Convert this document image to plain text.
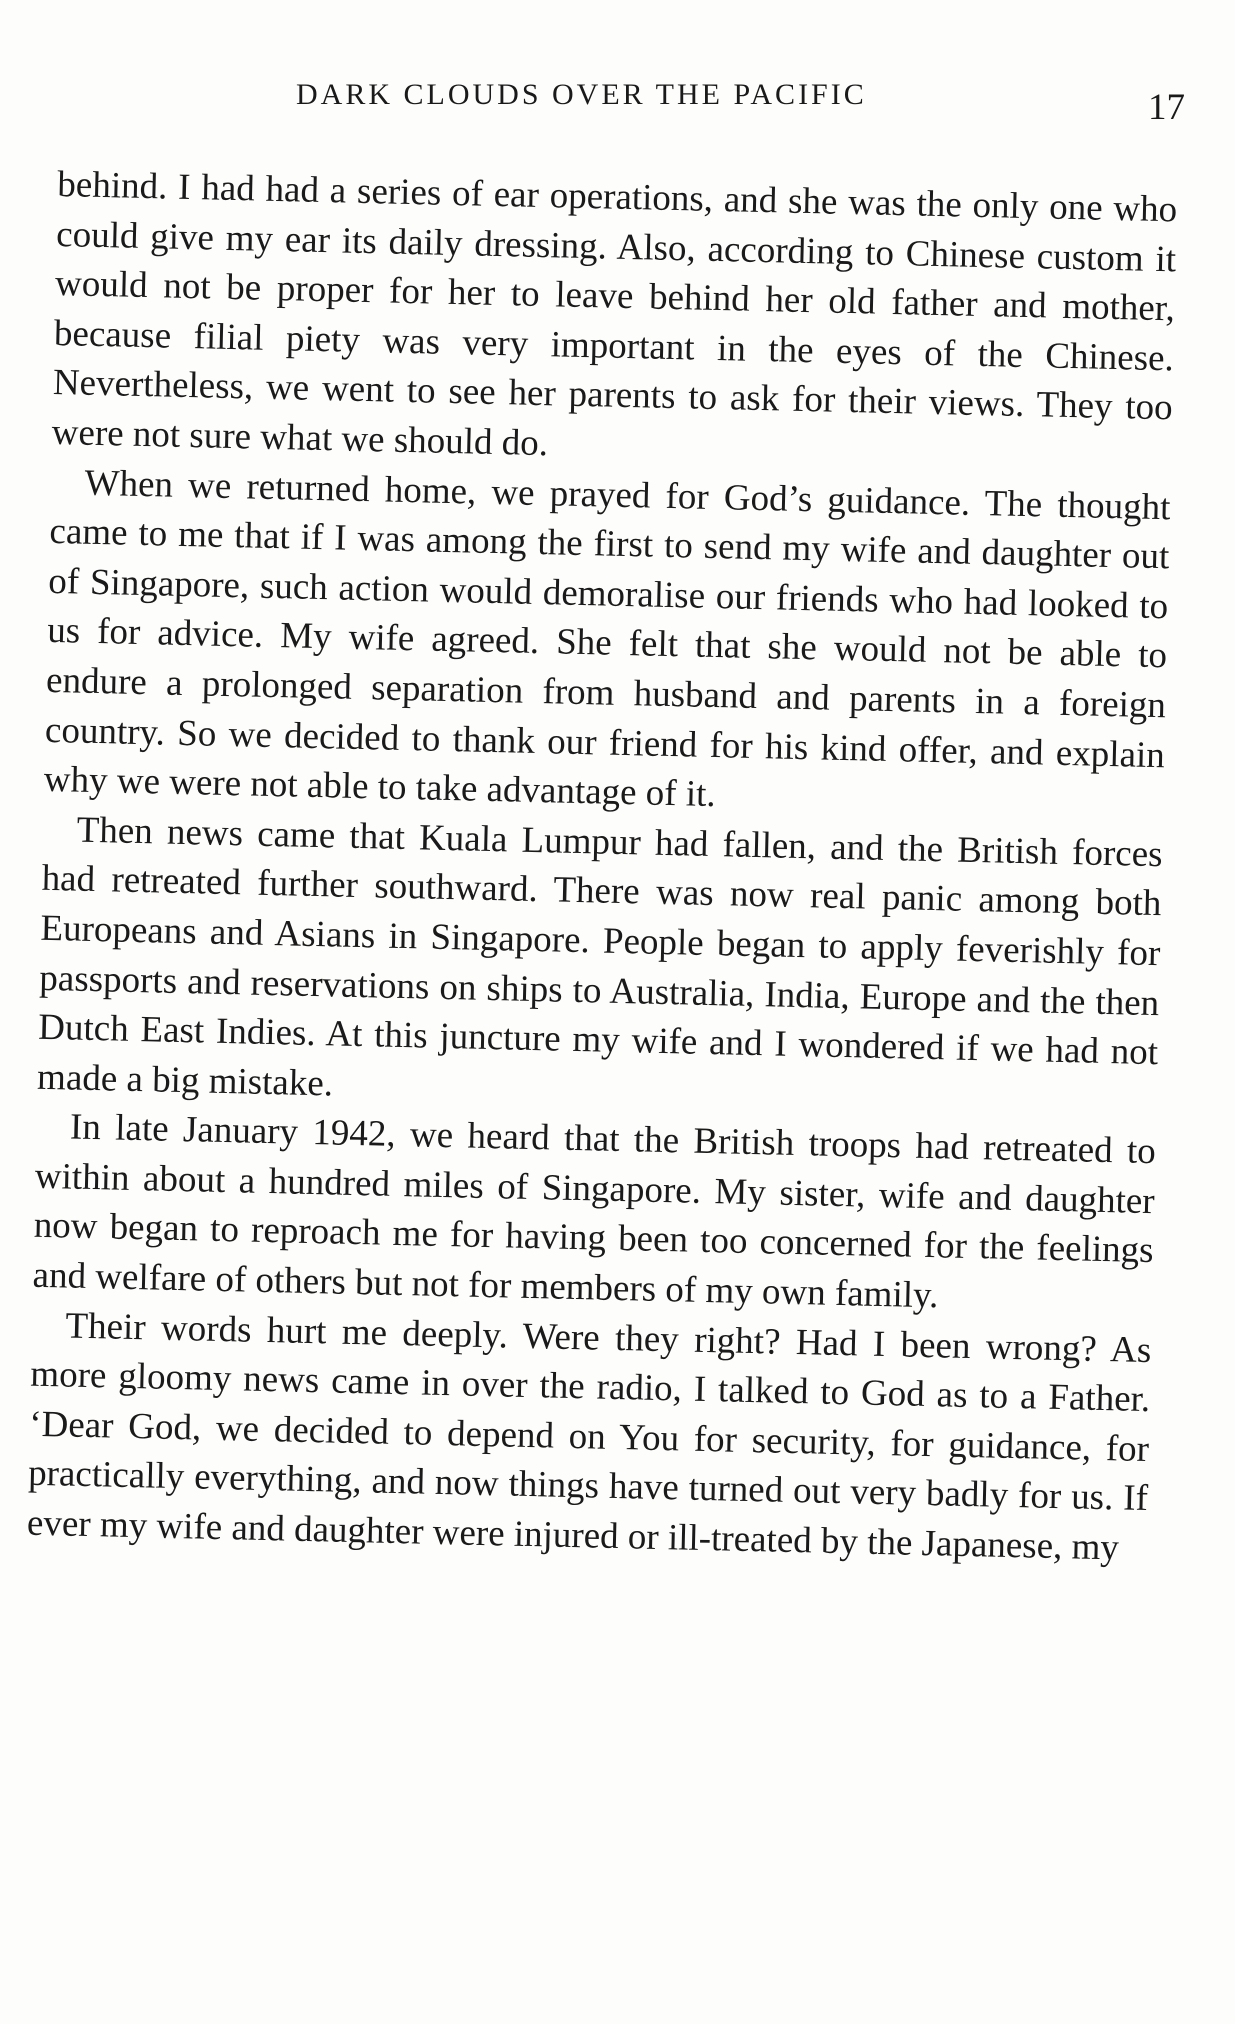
DARK CLOUDS OVER THE PACIFIC	17

behind. I had had a series of ear operations, and she was the only one who could give my ear its daily dressing. Also, according to Chinese custom it would not be proper for her to leave behind her old father and mother, because filial piety was very important in the eyes of the Chinese. Nevertheless, we went to see her parents to ask for their views. They too were not sure what we should do.

When we returned home, we prayed for God’s guidance. The thought came to me that if I was among the first to send my wife and daughter out of Singapore, such action would demoralise our friends who had looked to us for advice. My wife agreed. She felt that she would not be able to endure a prolonged separation from husband and parents in a foreign country. So we decided to thank our friend for his kind offer, and explain why we were not able to take advantage of it.

Then news came that Kuala Lumpur had fallen, and the British forces had retreated further southward. There was now real panic among both Europeans and Asians in Singapore. People began to apply feverishly for passports and reservations on ships to Australia, India, Europe and the then Dutch East Indies. At this juncture my wife and I wondered if we had not made a big mistake.

In late January 1942, we heard that the British troops had retreated to within about a hundred miles of Singapore. My sister, wife and daughter now began to reproach me for having been too concerned for the feelings and welfare of others but not for members of my own family.

Their words hurt me deeply. Were they right? Had I been wrong? As more gloomy news came in over the radio, I talked to God as to a Father. ‘Dear God, we decided to depend on You for security, for guidance, for practically everything, and now things have turned out very badly for us. If ever my wife and daughter were injured or ill-treated by the Japanese, my
